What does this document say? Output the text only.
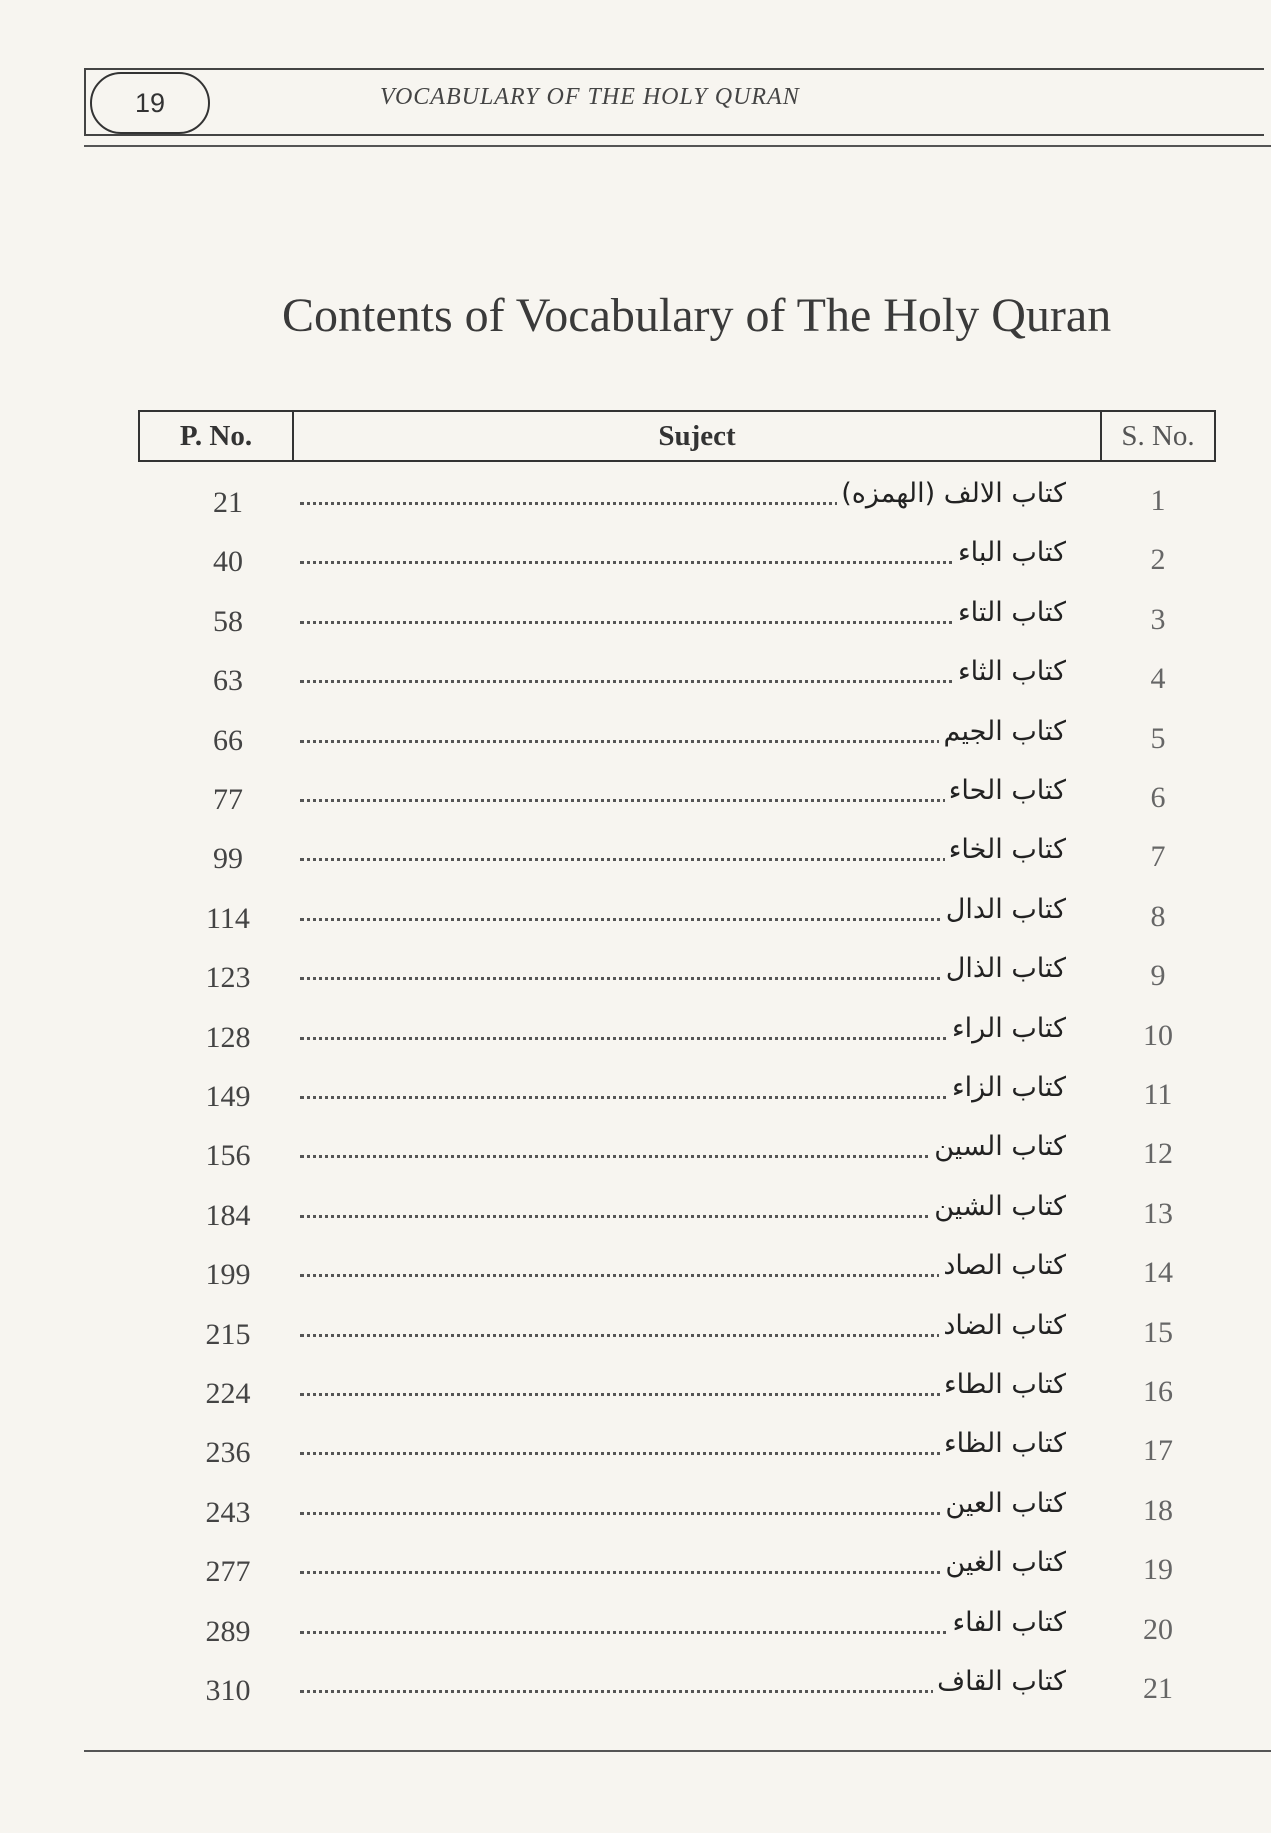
19	VOCABULARY OF THE HOLY QURAN
Contents of Vocabulary of The Holy Quran
P. No.	Suject	S. No.
21	كتاب الالف (الهمزه)	1
40	كتاب الباء	2
58	كتاب التاء	3
63	كتاب الثاء	4
66	كتاب الجيم	5
77	كتاب الحاء	6
99	كتاب الخاء	7
114	كتاب الدال	8
123	كتاب الذال	9
128	كتاب الراء	10
149	كتاب الزاء	11
156	كتاب السين	12
184	كتاب الشين	13
199	كتاب الصاد	14
215	كتاب الضاد	15
224	كتاب الطاء	16
236	كتاب الظاء	17
243	كتاب العين	18
277	كتاب الغين	19
289	كتاب الفاء	20
310	كتاب القاف	21
